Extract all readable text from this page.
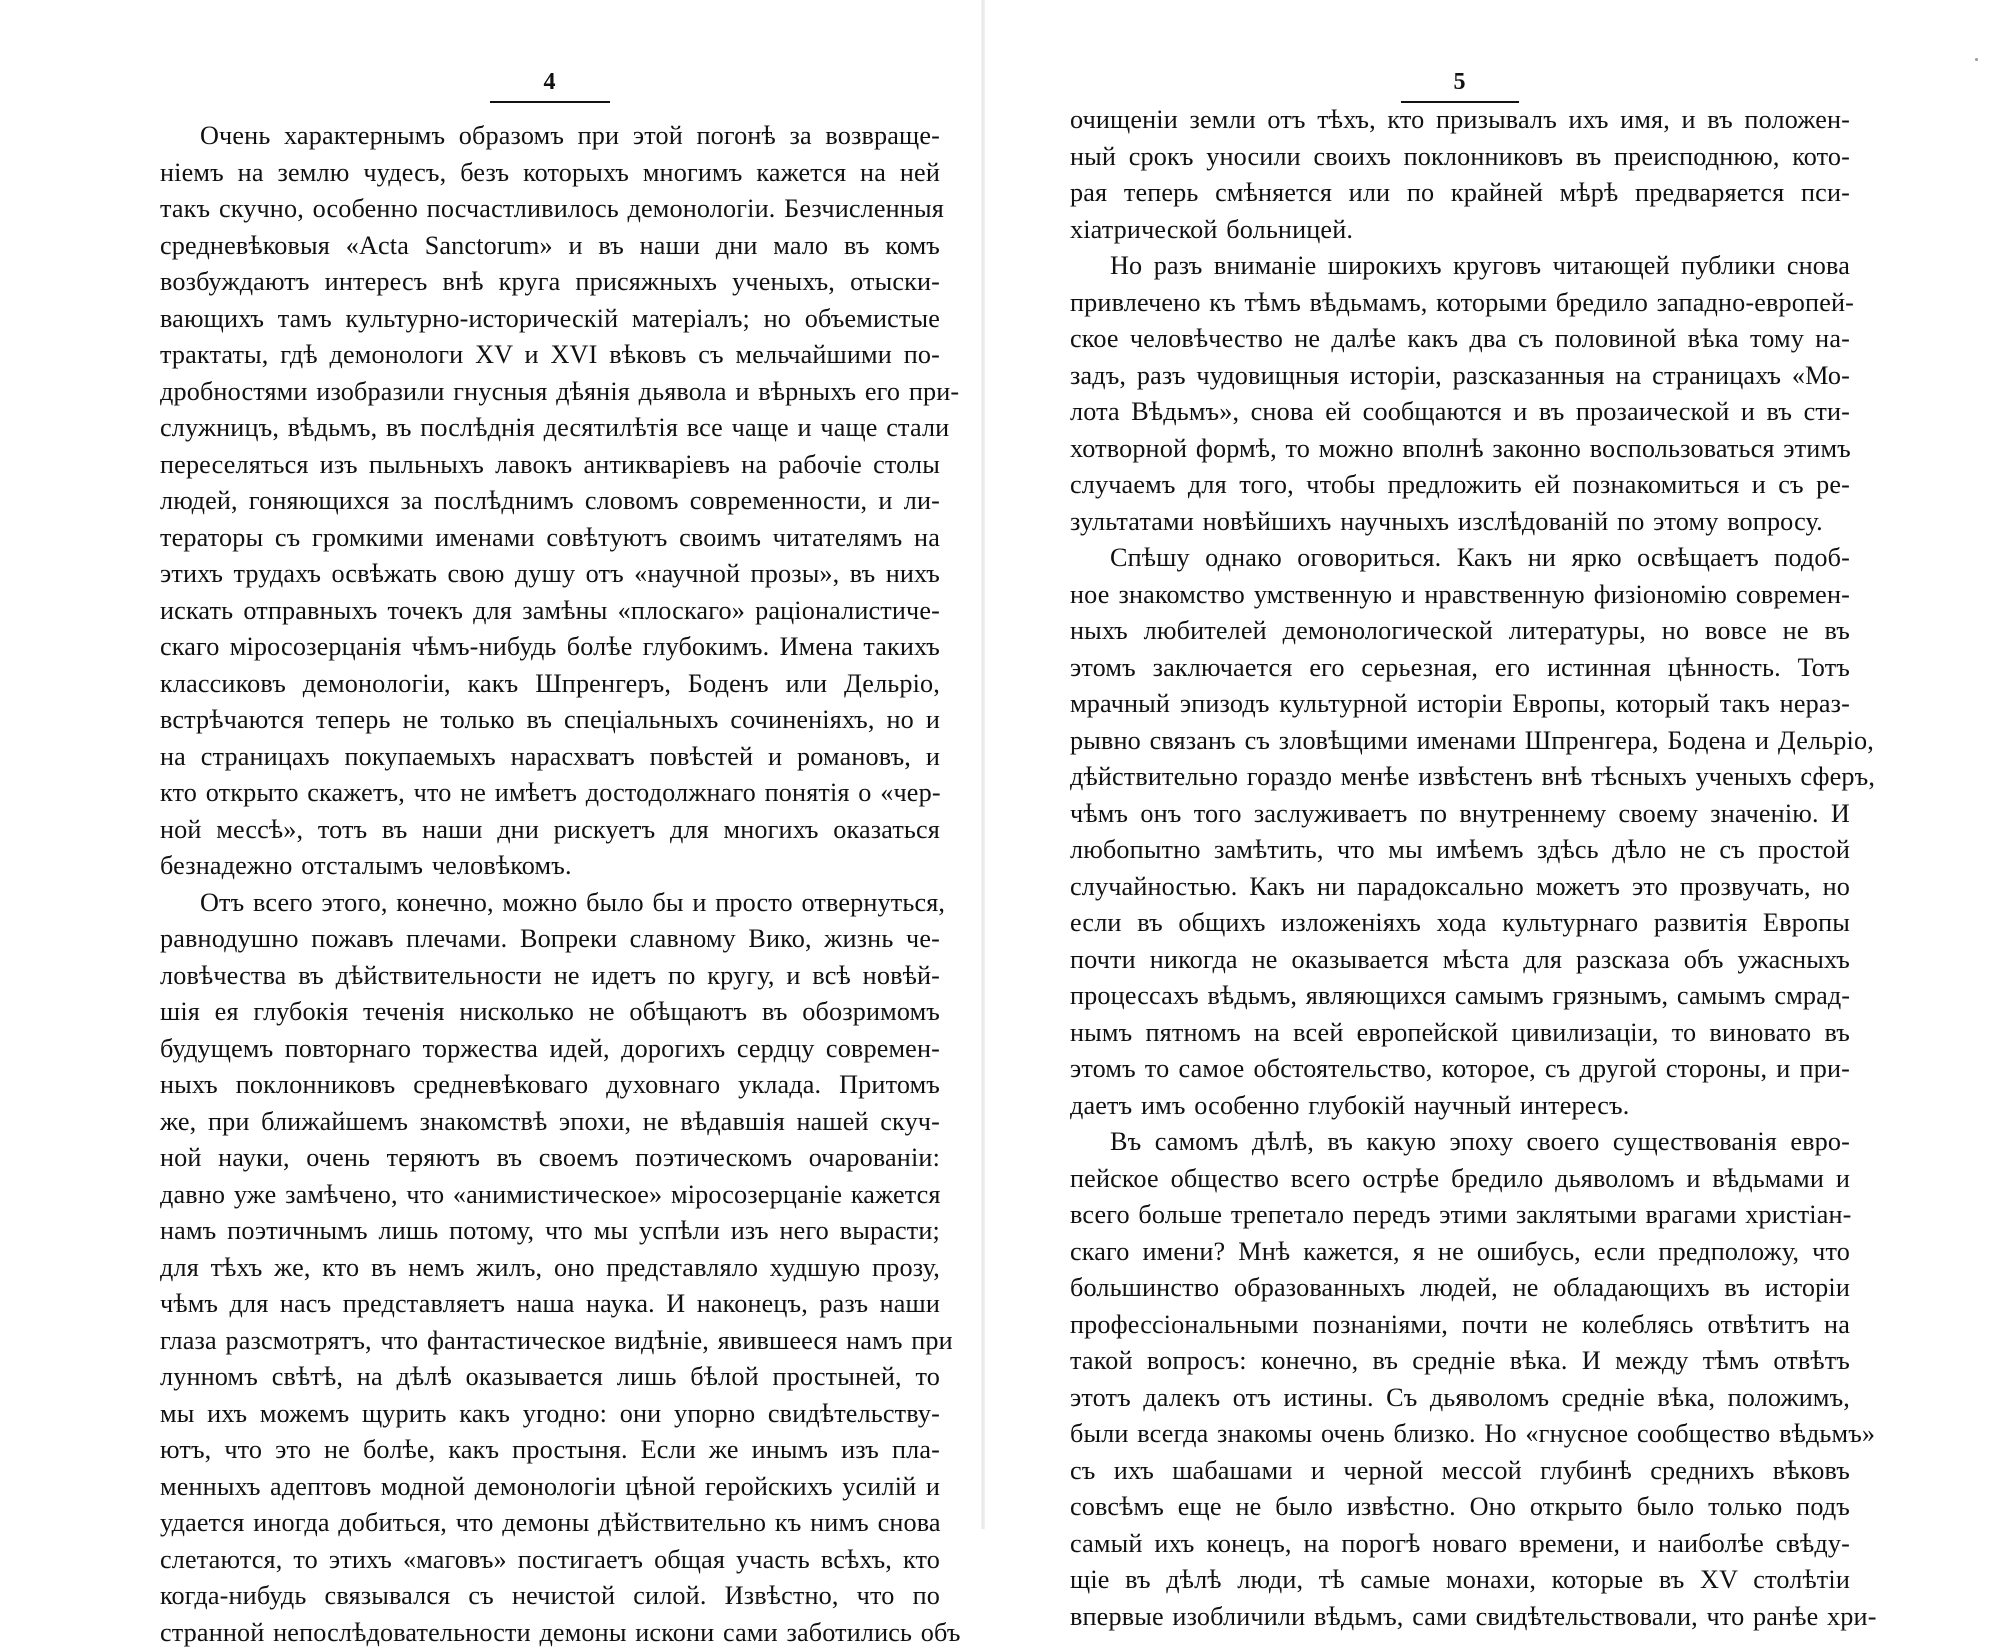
4

Очень характернымъ образомъ при этой погонѣ за возвраще-
ніемъ на землю чудесъ, безъ которыхъ многимъ кажется на ней
такъ скучно, особенно посчастливилось демонологіи. Безчисленныя
средневѣковыя «Acta Sanctorum» и въ наши дни мало въ комъ
возбуждаютъ интересъ внѣ круга присяжныхъ ученыхъ, отыски-
вающихъ тамъ культурно-историческій матеріалъ; но объемистые
трактаты, гдѣ демонологи XV и XVI вѣковъ съ мельчайшими по-
дробностями изобразили гнусныя дѣянія дьявола и вѣрныхъ его при-
служницъ, вѣдьмъ, въ послѣднія десятилѣтія все чаще и чаще стали
переселяться изъ пыльныхъ лавокъ антикваріевъ на рабочіе столы
людей, гоняющихся за послѣднимъ словомъ современности, и ли-
тераторы съ громкими именами совѣтуютъ своимъ читателямъ на
этихъ трудахъ освѣжать свою душу отъ «научной прозы», въ нихъ
искать отправныхъ точекъ для замѣны «плоскаго» раціоналистиче-
скаго міросозерцанія чѣмъ-нибудь болѣе глубокимъ. Имена такихъ
классиковъ демонологіи, какъ Шпренгеръ, Боденъ или Дельріо,
встрѣчаются теперь не только въ спеціальныхъ сочиненіяхъ, но и
на страницахъ покупаемыхъ нарасхватъ повѣстей и романовъ, и
кто открыто скажетъ, что не имѣетъ достодолжнаго понятія о «чер-
ной мессѣ», тотъ въ наши дни рискуетъ для многихъ оказаться
безнадежно отсталымъ человѣкомъ.

Отъ всего этого, конечно, можно было бы и просто отвернуться,
равнодушно пожавъ плечами. Вопреки славному Вико, жизнь че-
ловѣчества въ дѣйствительности не идетъ по кругу, и всѣ новѣй-
шія ея глубокія теченія нисколько не обѣщаютъ въ обозримомъ
будущемъ повторнаго торжества идей, дорогихъ сердцу современ-
ныхъ поклонниковъ средневѣковаго духовнаго уклада. Притомъ
же, при ближайшемъ знакомствѣ эпохи, не вѣдавшія нашей скуч-
ной науки, очень теряютъ въ своемъ поэтическомъ очарованіи:
давно уже замѣчено, что «анимистическое» міросозерцаніе кажется
намъ поэтичнымъ лишь потому, что мы успѣли изъ него вырасти;
для тѣхъ же, кто въ немъ жилъ, оно представляло худшую прозу,
чѣмъ для насъ представляетъ наша наука. И наконецъ, разъ наши
глаза разсмотрятъ, что фантастическое видѣніе, явившееся намъ при
лунномъ свѣтѣ, на дѣлѣ оказывается лишь бѣлой простыней, то
мы ихъ можемъ щурить какъ угодно: они упорно свидѣтельству-
ютъ, что это не болѣе, какъ простыня. Если же инымъ изъ пла-
менныхъ адептовъ модной демонологіи цѣной геройскихъ усилій и
удается иногда добиться, что демоны дѣйствительно къ нимъ снова
слетаются, то этихъ «маговъ» постигаетъ общая участь всѣхъ, кто
когда-нибудь связывался съ нечистой силой. Извѣстно, что по
странной непослѣдовательности демоны искони сами заботились объ

5

очищеніи земли отъ тѣхъ, кто призывалъ ихъ имя, и въ положен-
ный срокъ уносили своихъ поклонниковъ въ преисподнюю, кото-
рая теперь смѣняется или по крайней мѣрѣ предваряется пси-
хіатрической больницей.

Но разъ вниманіе широкихъ круговъ читающей публики снова
привлечено къ тѣмъ вѣдьмамъ, которыми бредило западно-европей-
ское человѣчество не далѣе какъ два съ половиной вѣка тому на-
задъ, разъ чудовищныя исторіи, разсказанныя на страницахъ «Мо-
лота Вѣдьмъ», снова ей сообщаются и въ прозаической и въ сти-
хотворной формѣ, то можно вполнѣ законно воспользоваться этимъ
случаемъ для того, чтобы предложить ей познакомиться и съ ре-
зультатами новѣйшихъ научныхъ изслѣдованій по этому вопросу.

Спѣшу однако оговориться. Какъ ни ярко освѣщаетъ подоб-
ное знакомство умственную и нравственную физіономію современ-
ныхъ любителей демонологической литературы, но вовсе не въ
этомъ заключается его серьезная, его истинная цѣнность. Тотъ
мрачный эпизодъ культурной исторіи Европы, который такъ нераз-
рывно связанъ съ зловѣщими именами Шпренгера, Бодена и Дельріо,
дѣйствительно гораздо менѣе извѣстенъ внѣ тѣсныхъ ученыхъ сферъ,
чѣмъ онъ того заслуживаетъ по внутреннему своему значенію. И
любопытно замѣтить, что мы имѣемъ здѣсь дѣло не съ простой
случайностью. Какъ ни парадоксально можетъ это прозвучать, но
если въ общихъ изложеніяхъ хода культурнаго развитія Европы
почти никогда не оказывается мѣста для разсказа объ ужасныхъ
процессахъ вѣдьмъ, являющихся самымъ грязнымъ, самымъ смрад-
нымъ пятномъ на всей европейской цивилизаціи, то виновато въ
этомъ то самое обстоятельство, которое, съ другой стороны, и при-
даетъ имъ особенно глубокій научный интересъ.

Въ самомъ дѣлѣ, въ какую эпоху своего существованія евро-
пейское общество всего острѣе бредило дьяволомъ и вѣдьмами и
всего больше трепетало передъ этими заклятыми врагами христіан-
скаго имени? Мнѣ кажется, я не ошибусь, если предположу, что
большинство образованныхъ людей, не обладающихъ въ исторіи
профессіональными познаніями, почти не колеблясь отвѣтитъ на
такой вопросъ: конечно, въ средніе вѣка. И между тѣмъ отвѣтъ
этотъ далекъ отъ истины. Съ дьяволомъ средніе вѣка, положимъ,
были всегда знакомы очень близко. Но «гнусное сообщество вѣдьмъ»
съ ихъ шабашами и черной мессой глубинѣ среднихъ вѣковъ
совсѣмъ еще не было извѣстно. Оно открыто было только подъ
самый ихъ конецъ, на порогѣ новаго времени, и наиболѣе свѣду-
щіе въ дѣлѣ люди, тѣ самые монахи, которые въ XV столѣтіи
впервые изобличили вѣдьмъ, сами свидѣтельствовали, что ранѣе хри-
